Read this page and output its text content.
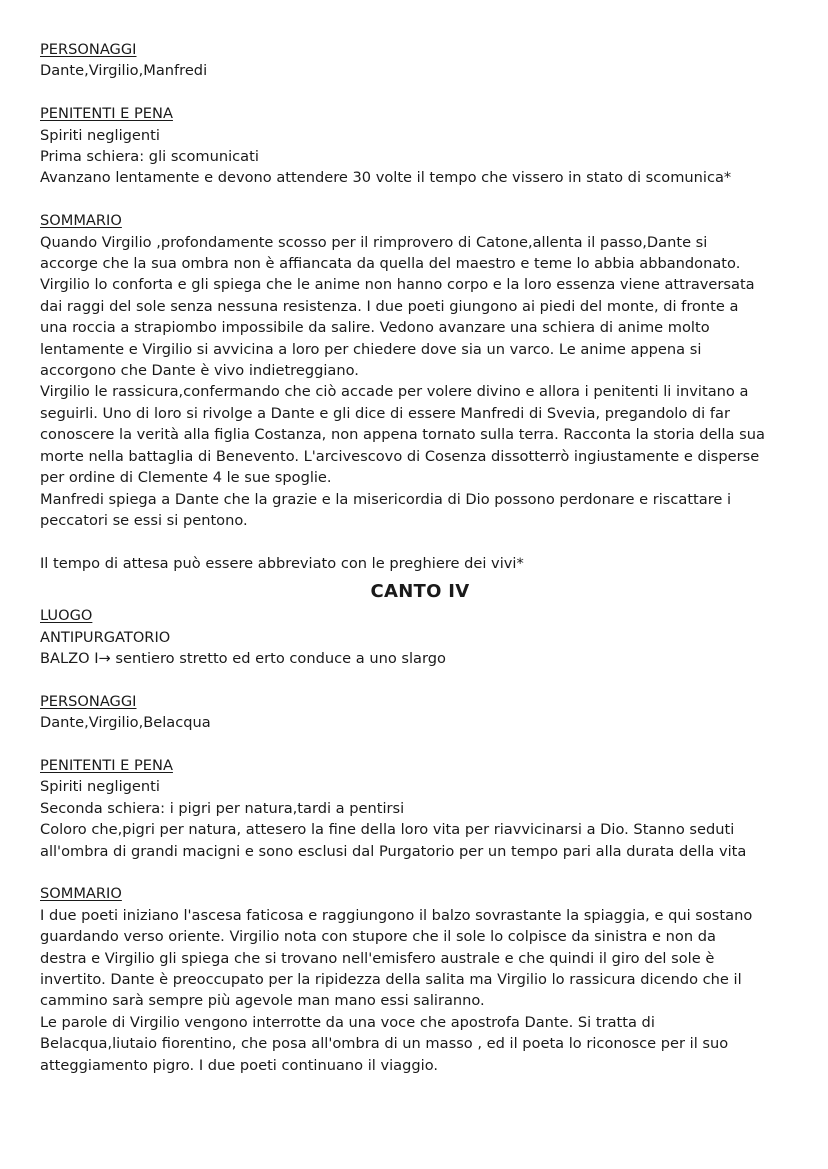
PERSONAGGI
Dante,Virgilio,Manfredi
PENITENTI E PENA
Spiriti negligenti
Prima schiera: gli scomunicati
Avanzano lentamente e devono attendere 30 volte il tempo che vissero in stato di scomunica*
SOMMARIO
Quando Virgilio ,profondamente scosso per il rimprovero di Catone,allenta il passo,Dante si
accorge che la sua ombra non è affiancata da quella del maestro e teme lo abbia abbandonato.
Virgilio lo conforta e gli spiega che le anime non hanno corpo e la loro essenza viene attraversata
dai raggi del sole senza nessuna resistenza. I due poeti giungono ai piedi del monte, di fronte a
una roccia a strapiombo impossibile da salire. Vedono avanzare una schiera di anime molto
lentamente e Virgilio si avvicina a loro per chiedere dove sia un varco. Le anime appena si
accorgono che Dante è vivo indietreggiano.
Virgilio le rassicura,confermando che ciò accade per volere divino e allora i penitenti li invitano a
seguirli. Uno di loro si rivolge a Dante e gli dice di essere Manfredi di Svevia, pregandolo di far
conoscere la verità alla figlia Costanza, non appena tornato sulla terra. Racconta la storia della sua
morte nella battaglia di Benevento. L'arcivescovo di Cosenza dissotterrò ingiustamente e disperse
per ordine di Clemente 4 le sue spoglie.
Manfredi spiega a Dante che la grazie e la misericordia di Dio possono perdonare e riscattare i
peccatori se essi si pentono.
Il tempo di attesa può essere abbreviato con le preghiere dei vivi*
CANTO IV
LUOGO
ANTIPURGATORIO
BALZO I→ sentiero stretto ed erto conduce a uno slargo
PERSONAGGI
Dante,Virgilio,Belacqua
PENITENTI E PENA
Spiriti negligenti
Seconda schiera: i pigri per natura,tardi a pentirsi
Coloro che,pigri per natura, attesero la fine della loro vita per riavvicinarsi a Dio. Stanno seduti
all'ombra di grandi macigni e sono esclusi dal Purgatorio per un tempo pari alla durata della vita
SOMMARIO
I due poeti iniziano l'ascesa faticosa e raggiungono il balzo sovrastante la spiaggia, e qui sostano
guardando verso oriente. Virgilio nota con stupore che il sole lo colpisce da sinistra e non da
destra e Virgilio gli spiega che si trovano nell'emisfero australe e che quindi il giro del sole è
invertito. Dante è preoccupato per la ripidezza della salita ma Virgilio lo rassicura dicendo che il
cammino sarà sempre più agevole man mano essi saliranno.
Le parole di Virgilio vengono interrotte da una voce che apostrofa Dante. Si tratta di
Belacqua,liutaio fiorentino, che posa all'ombra di un masso , ed il poeta lo riconosce per il suo
atteggiamento pigro. I due poeti continuano il viaggio.
